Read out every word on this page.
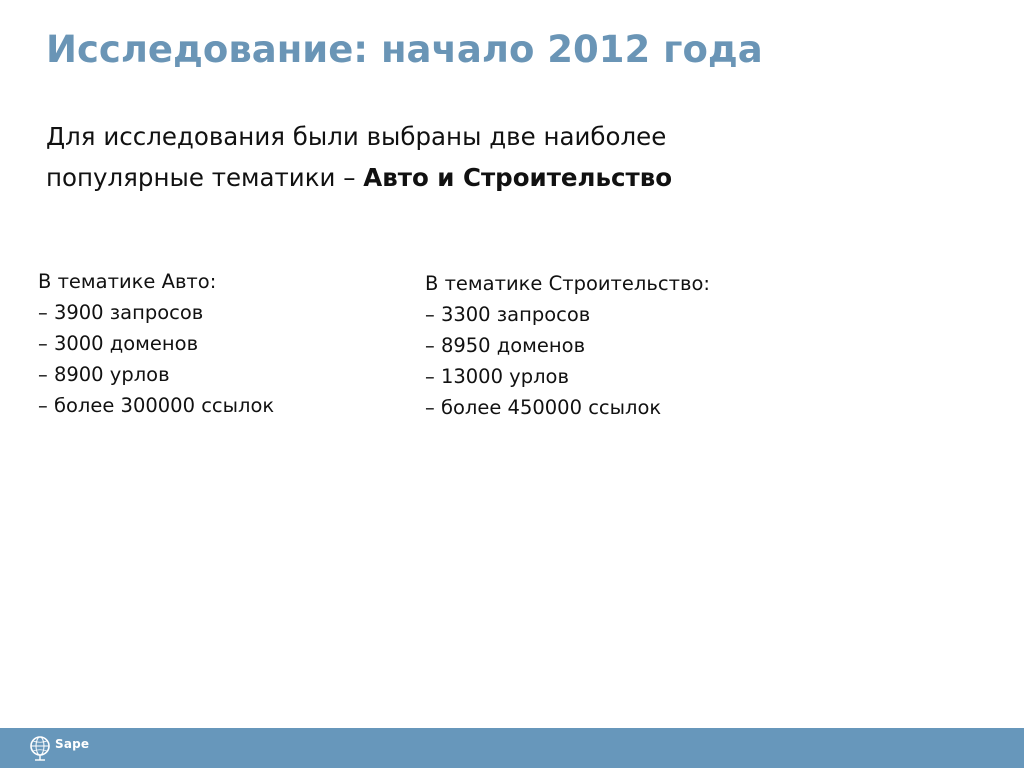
Исследование: начало 2012 года

Для исследования были выбраны две наиболее популярные тематики – Авто и Строительство

В тематике Авто:
– 3900 запросов
– 3000 доменов
– 8900 урлов
– более 300000 ссылок
В тематике Строительство:
– 3300 запросов
– 8950 доменов
– 13000 урлов
– более 450000 ссылок
Sape
